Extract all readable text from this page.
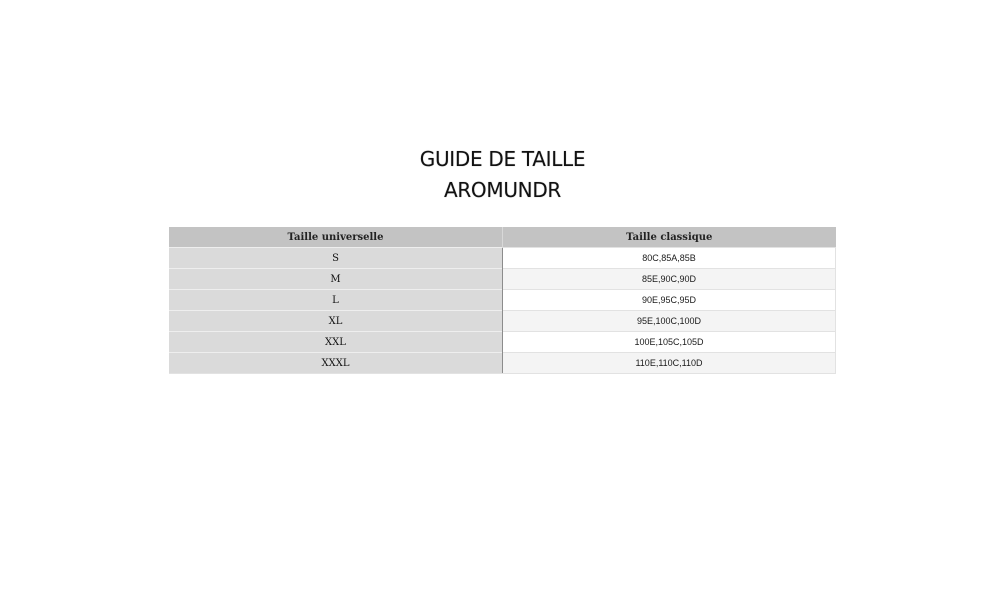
GUIDE DE TAILLE
AROMUNDR
Taille universelle	Taille classique
S	80C,85A,85B
M	85E,90C,90D
L	90E,95C,95D
XL	95E,100C,100D
XXL	100E,105C,105D
XXXL	110E,110C,110D
